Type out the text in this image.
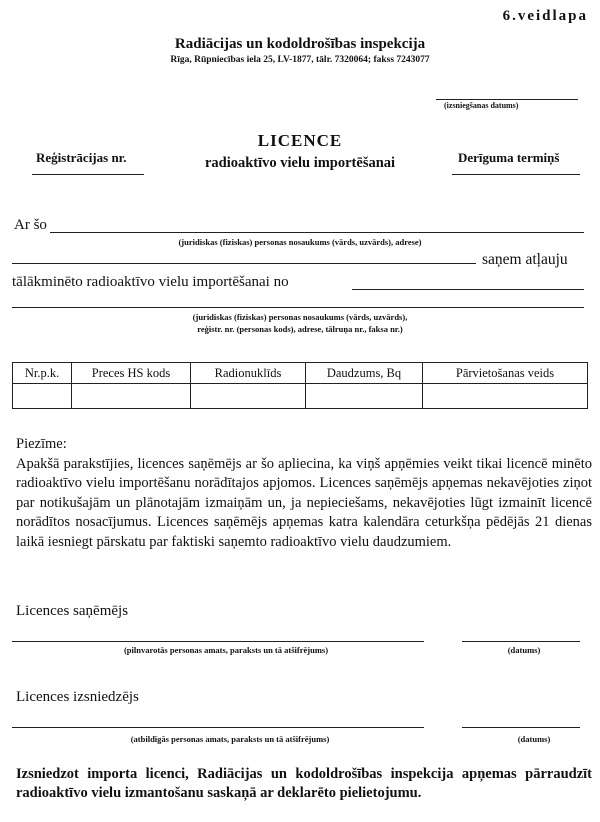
6.veidlapa
Radiācijas un kodoldrošības inspekcija
Rīga, Rūpniecības iela 25, LV-1877, tālr. 7320064; fakss 7243077
(izsniegšanas datums)
LICENCE
radioaktīvo vielu importēšanai
Reģistrācijas nr.	Derīguma termiņš
Ar šo
(juridiskas (fiziskas) personas nosaukums (vārds, uzvārds), adrese)
saņem atļauju
tālākminēto radioaktīvo vielu importēšanai no
(juridiskas (fiziskas) personas nosaukums (vārds, uzvārds),
reģistr. nr. (personas kods), adrese, tālruņa nr., faksa nr.)
Nr.p.k.	Preces HS kods	Radionuklīds	Daudzums, Bq	Pārvietošanas veids

Piezīme:
Apakšā parakstījies, licences saņēmējs ar šo apliecina, ka viņš apņēmies veikt tikai licencē minēto radioaktīvo vielu importēšanu norādītajos apjomos. Licences saņēmējs apņemas nekavējoties ziņot par notikušajām un plānotajām izmaiņām un, ja nepieciešams, nekavējoties lūgt izmainīt licencē norādītos nosacījumus. Licences saņēmējs apņemas katra kalendāra ceturkšņa pēdējās 21 dienas laikā iesniegt pārskatu par faktiski saņemto radioaktīvo vielu daudzumiem.
Licences saņēmējs
(pilnvarotās personas amats, paraksts un tā atšifrējums)	(datums)
Licences izsniedzējs
(atbildīgās personas amats, paraksts un tā atšifrējums)	(datums)
Izsniedzot importa licenci, Radiācijas un kodoldrošības inspekcija apņemas pārraudzīt radioaktīvo vielu izmantošanu saskaņā ar deklarēto pielietojumu.
